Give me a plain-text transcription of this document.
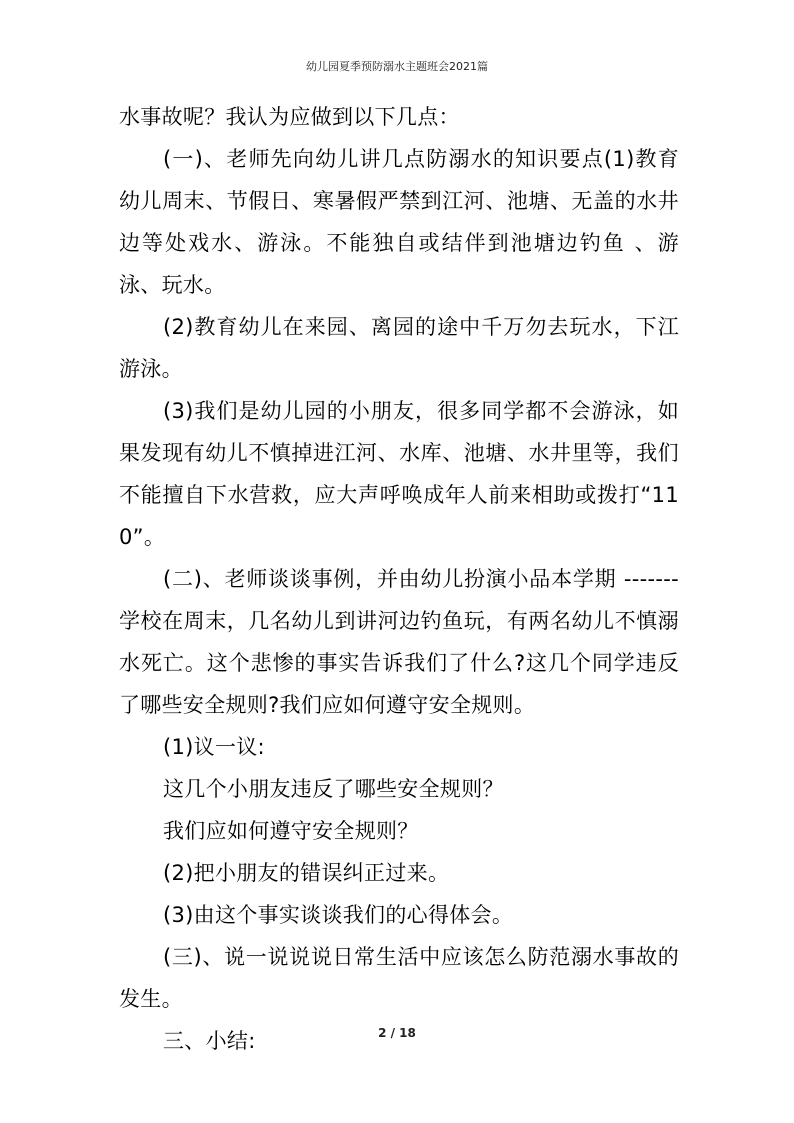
幼儿园夏季预防溺水主题班会2021篇

水事故呢？我认为应做到以下几点：

(一)、老师先向幼儿讲几点防溺水的知识要点(1)教育幼儿周末、节假日、寒暑假严禁到江河、池塘、无盖的水井边等处戏水、游泳。不能独自或结伴到池塘边钓鱼 、游泳、玩水。

(2)教育幼儿在来园、离园的途中千万勿去玩水，下江游泳。

(3)我们是幼儿园的小朋友，很多同学都不会游泳，如果发现有幼儿不慎掉进江河、水库、池塘、水井里等，我们不能擅自下水营救，应大声呼唤成年人前来相助或拨打“110”。

(二)、老师谈谈事例，并由幼儿扮演小品本学期 -------学校在周末，几名幼儿到讲河边钓鱼玩，有两名幼儿不慎溺水死亡。这个悲惨的事实告诉我们了什么?这几个同学违反了哪些安全规则?我们应如何遵守安全规则。

(1)议一议:

这几个小朋友违反了哪些安全规则？

我们应如何遵守安全规则？

(2)把小朋友的错误纠正过来。

(3)由这个事实谈谈我们的心得体会。

(三)、说一说说说日常生活中应该怎么防范溺水事故的发生。

三、小结:	2 / 18
